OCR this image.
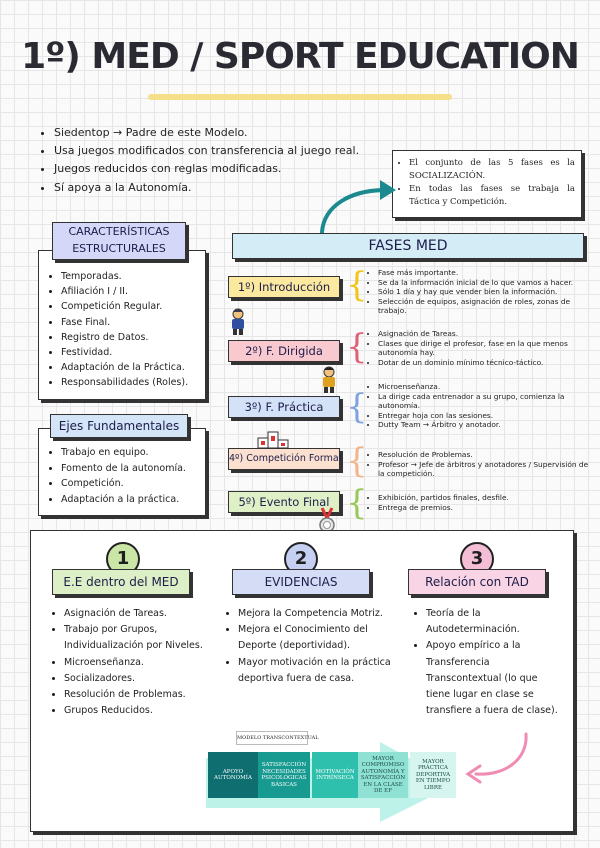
1º) MED / SPORT EDUCATION
• Siedentop → Padre de este Modelo.
• Usa juegos modificados con transferencia al juego real.
• Juegos reducidos con reglas modificadas.
• Sí apoya a la Autonomía.
• El conjunto de las 5 fases es la SOCIALIZACIÓN.
• En todas las fases se trabaja la Táctica y Competición.
• Temporadas.
• Afiliación I / II.
• Competición Regular.
• Fase Final.
• Registro de Datos.
• Festividad.
• Adaptación de la Práctica.
• Responsabilidades (Roles).
CARACTERÍSTICAS ESTRUCTURALES
• Trabajo en equipo.
• Fomento de la autonomía.
• Competición.
• Adaptación a la práctica.
Ejes Fundamentales
FASES MED
1º) Introducción { • Fase más importante.
• Se da la información inicial de lo que vamos a hacer.
• Sólo 1 día y hay que vender bien la información.
• Selección de equipos, asignación de roles, zonas de trabajo.
2º) F. Dirigida { • Asignación de Tareas.
• Clases que dirige el profesor, fase en la que menos autonomía hay.
• Dotar de un dominio mínimo técnico-táctico.
3º) F. Práctica {
• Microenseñanza.
• La dirige cada entrenador a su grupo, comienza la autonomía.
• Entregar hoja con las sesiones.
• Dutty Team → Árbitro y anotador.
4º) Competición Formal { • Resolución de Problemas.
• Profesor → Jefe de árbitros y anotadores / Supervisión de la competición.
5º) Evento Final { • Exhibición, partidos finales, desfile.
• Entrega de premios.
1
E.E dentro del MED
• Asignación de Tareas.
• Trabajo por Grupos, Individualización por Niveles.
• Microenseñanza.
• Socializadores.
• Resolución de Problemas.
• Grupos Reducidos.
2
EVIDENCIAS
• Mejora la Competencia Motriz.
• Mejora el Conocimiento del Deporte (deportividad).
• Mayor motivación en la práctica deportiva fuera de casa.
3
Relación con TAD
• Teoría de la Autodeterminación.
• Apoyo empírico a la Transferencia Transcontextual (lo que tiene lugar en clase se transfiere a fuera de clase).
MODELO TRANSCONTEXTUAL
APOYO AUTONOMÍA
SATISFACCIÓN NECESIDADES PSICOLÓGICAS BÁSICAS
MOTIVACIÓN INTRÍNSECA
MAYOR COMPROMISO AUTONOMÍA Y SATISFACCIÓN EN LA CLASE DE EF
MAYOR PRÁCTICA DEPORTIVA EN TIEMPO LIBRE
